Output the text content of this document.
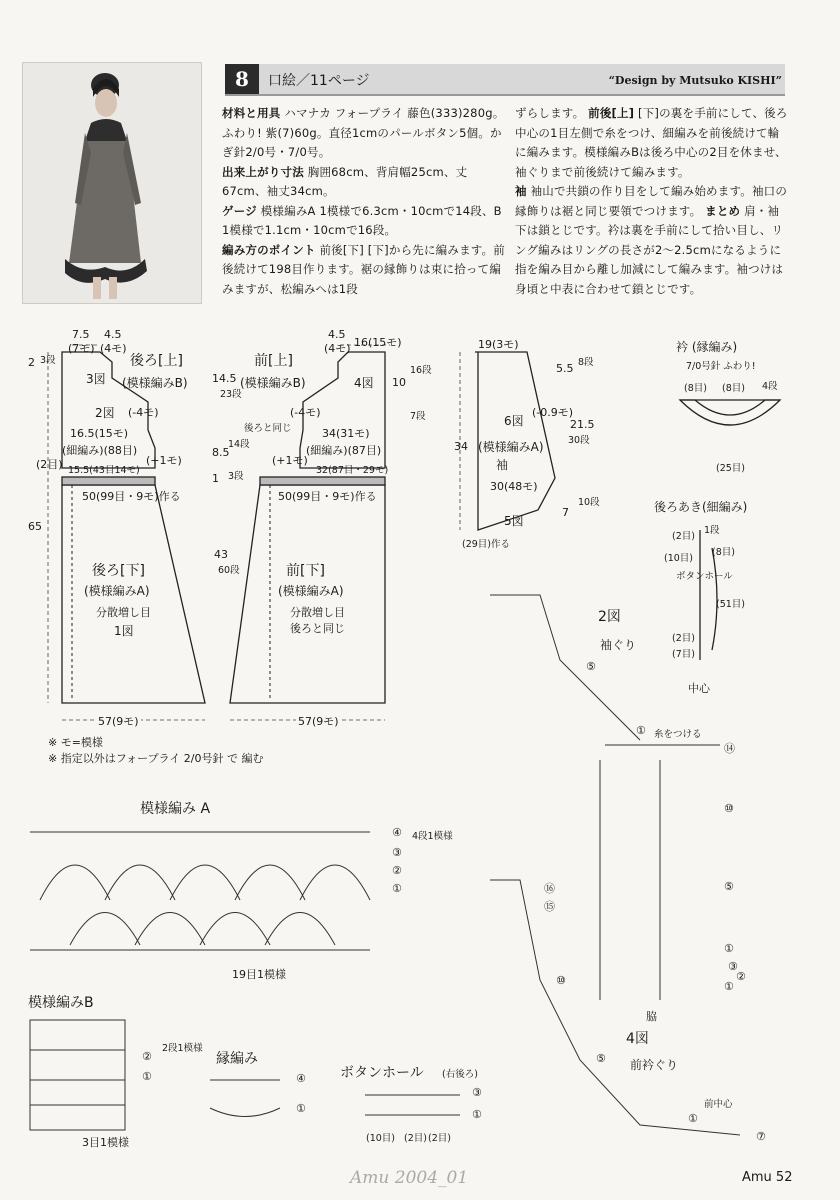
8	口絵／11ページ	“Design by Mutsuko KISHI”
材料と用具 ハマナカ フォープライ 藤色(333)280g。ふわり! 紫(7)60g。直径1cmのパールボタン5個。かぎ針2/0号・7/0号。
出来上がり寸法 胸囲68cm、背肩幅25cm、丈67cm、袖丈34cm。
ゲージ 模様編みA 1模様で6.3cm・10cmで14段、B 1模様で1.1cm・10cmで16段。
編み方のポイント 前後[下] [下]から先に編みます。前後続けて198目作ります。裾の縁飾りは束に拾って編みますが、松編みへは1段
ずらします。 前後[上] [下]の裏を手前にして、後ろ中心の1目左側で糸をつけ、細編みを前後続けて輪に編みます。模様編みBは後ろ中心の2目を休ませ、袖ぐりまで前後続けて編みます。
袖 袖山で共鎖の作り目をして編み始めます。袖口の縁飾りは裾と同じ要領でつけます。 まとめ 肩・袖下は鎖とじです。衿は裏を手前にして拾い目し、リング編みはリングの長さが2〜2.5cmになるように指を編み目から離し加減にして編みます。袖つけは身頃と中表に合わせて鎖とじです。
7.5
(7モ)
4.5
(4モ)
2 3段	後ろ[上]
3図 (模様編みB)
2図 (-4モ)
16.5(15モ)
(細編み)(88目)
(+1モ)
(2目) 15.5(43目14モ)
50(99目・9モ)作る
後ろ[下]
(模様編みA)
分散増し目
1図
65
57(9モ)
4.5
(4モ) 16(15モ)
前[上]
(模様編みB)	4図
14.5
23段
10
16段
7段
(-4モ)
後ろと同じ	34(31モ)
(細編み)(87目)
(+1モ)
8.5
14段
1 3段
32(87目・29モ)
50(99目・9モ)作る
前[下]
(模様編みA)
分散増し目
後ろと同じ
43
60段
57(9モ)
※ モ=模様
※ 指定以外はフォープライ 2/0号針 で 編む
19(3モ)
5.5 8段
6図
(-0.9モ)
21.5
30段
(模様編みA)
袖
34
30(48モ)
7
10段
5図
(29目)作る
衿 (縁編み)
7/0号針 ふわり!
(8目) (8目) 4段
(25目)
後ろあき(細編み)
(2目)
1段
(8目)
(10目)
ボタンホール
(51目)
(2目)
(7目)
中心
2図
袖ぐり
⑤
① 糸をつける
⑭
⑩
⑤
①
⑯
⑮
⑩
③
②
①
脇
4図
前衿ぐり
⑤
前中心
⑦
①
模様編み A
④
③
②
①
4段1模様
19目1模様
模様編みB
②
①
2段1模様
3目1模様
縁編み
④
①
ボタンホール (右後ろ)
③
①
(10目) (2目) (2目)
Amu 2004_01	Amu 52
